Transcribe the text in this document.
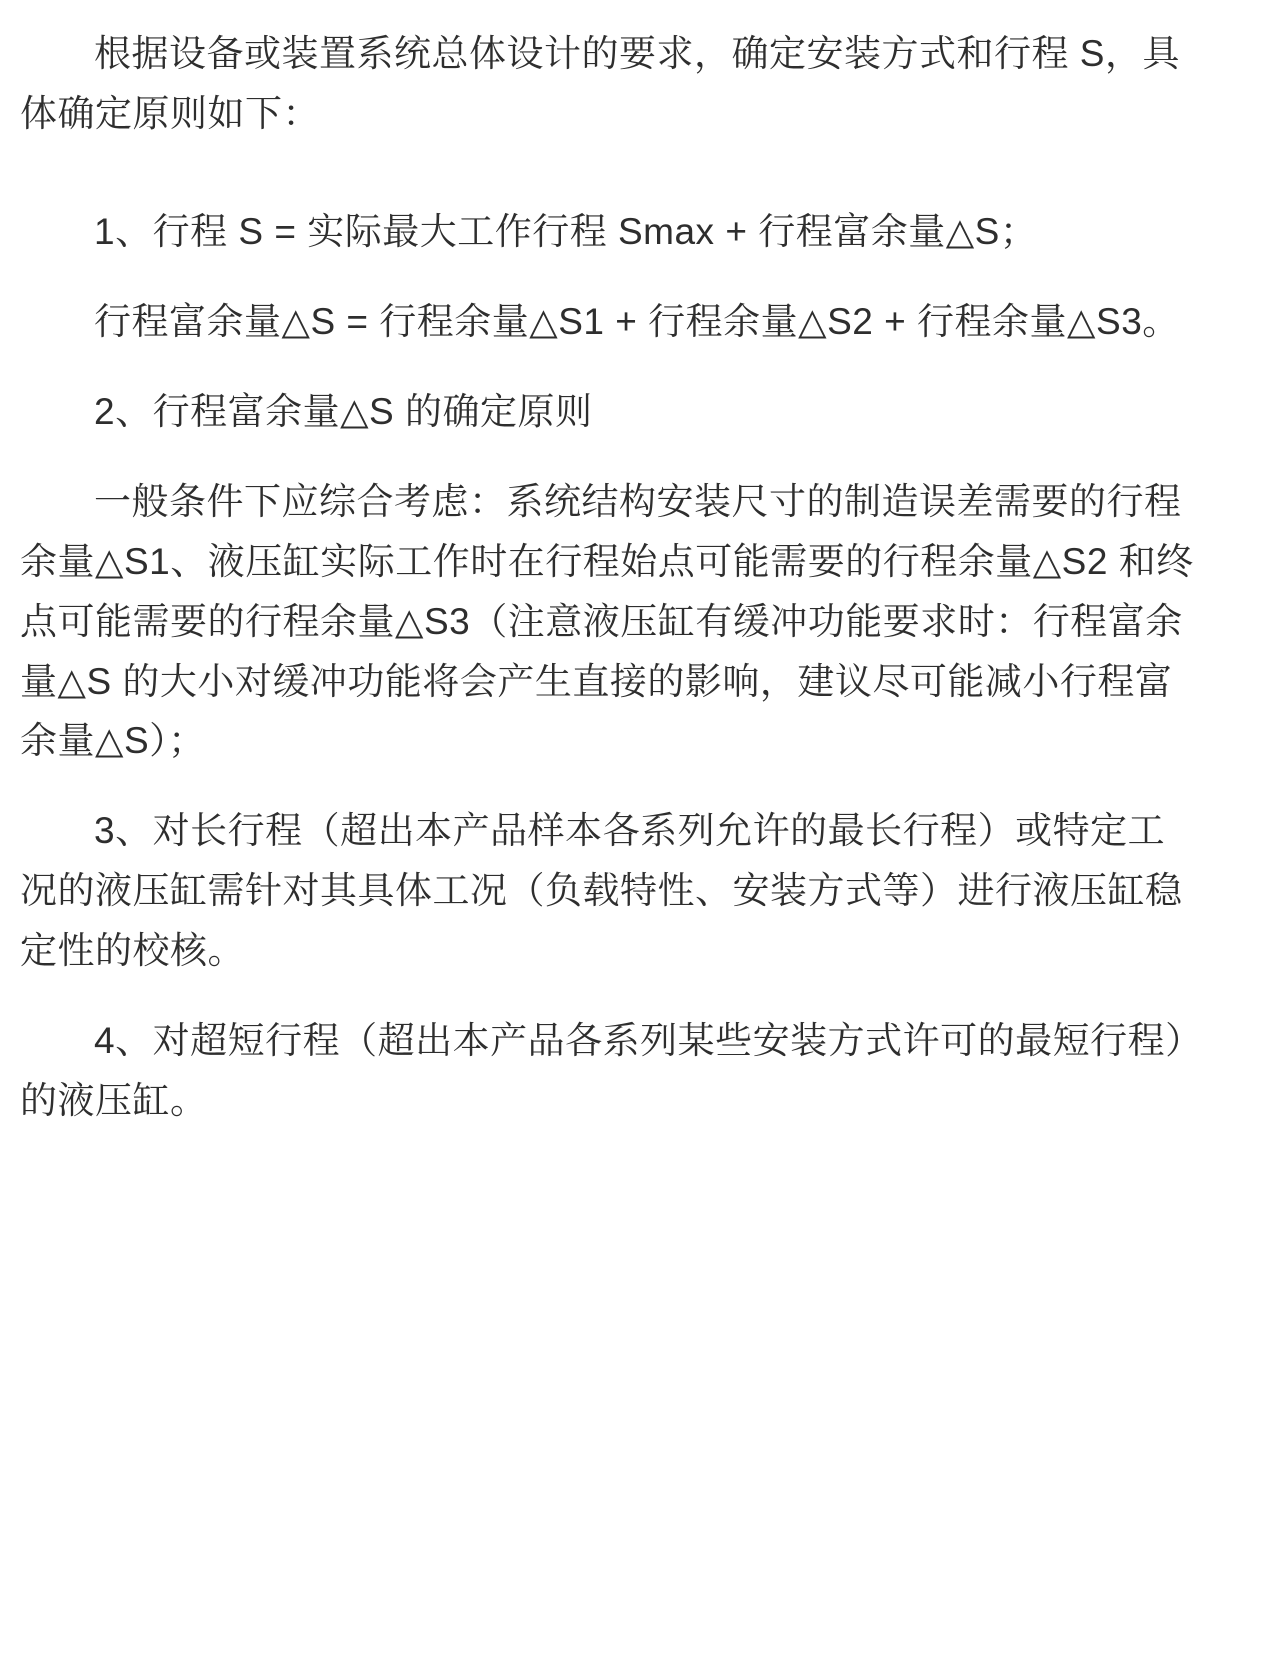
根据设备或装置系统总体设计的要求，确定安装方式和行程 S，具体确定原则如下：

1、行程 S = 实际最大工作行程 Smax + 行程富余量△S；

行程富余量△S = 行程余量△S1 + 行程余量△S2 + 行程余量△S3。

2、行程富余量△S 的确定原则

一般条件下应综合考虑：系统结构安装尺寸的制造误差需要的行程余量△S1、液压缸实际工作时在行程始点可能需要的行程余量△S2 和终点可能需要的行程余量△S3（注意液压缸有缓冲功能要求时：行程富余量△S 的大小对缓冲功能将会产生直接的影响，建议尽可能减小行程富余量△S）；

3、对长行程（超出本产品样本各系列允许的最长行程）或特定工况的液压缸需针对其具体工况（负载特性、安装方式等）进行液压缸稳定性的校核。

4、对超短行程（超出本产品各系列某些安装方式许可的最短行程）的液压缸。
